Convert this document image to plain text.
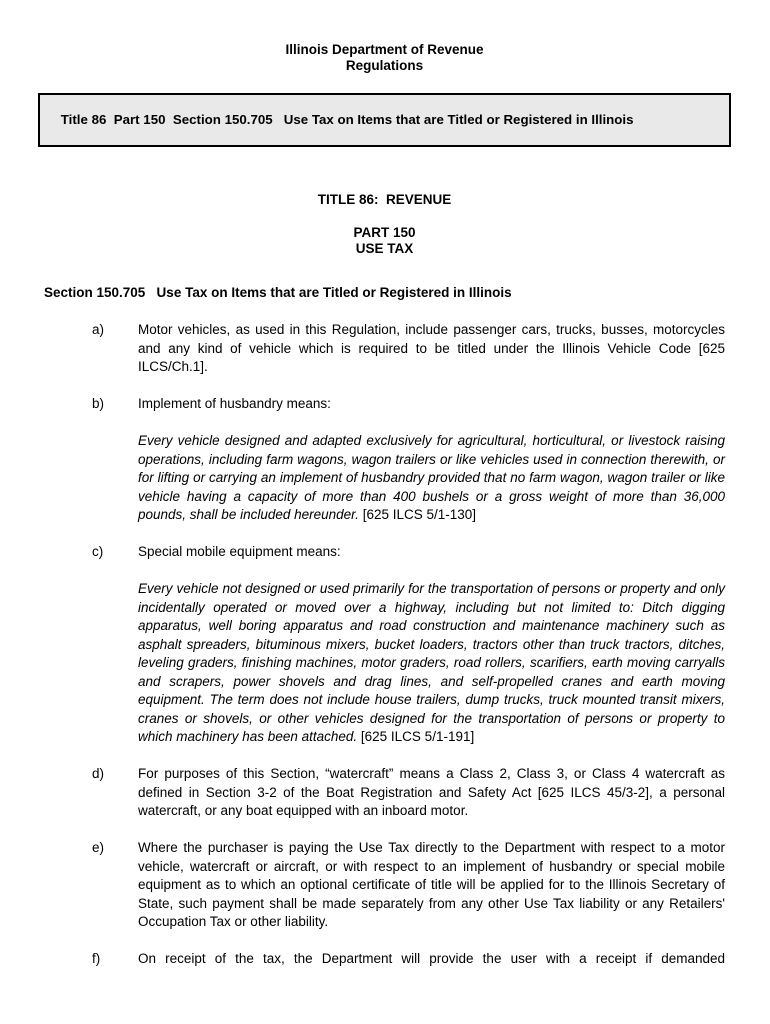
Illinois Department of Revenue
Regulations

Title 86  Part 150  Section 150.705   Use Tax on Items that are Titled or Registered in Illinois

TITLE 86:  REVENUE
PART 150
USE TAX
Section 150.705   Use Tax on Items that are Titled or Registered in Illinois
a)	Motor vehicles, as used in this Regulation, include passenger cars, trucks, busses, motorcycles and any kind of vehicle which is required to be titled under the Illinois Vehicle Code [625 ILCS/Ch.1].
b)	Implement of husbandry means:
Every vehicle designed and adapted exclusively for agricultural, horticultural, or livestock raising operations, including farm wagons, wagon trailers or like vehicles used in connection therewith, or for lifting or carrying an implement of husbandry provided that no farm wagon, wagon trailer or like vehicle having a capacity of more than 400 bushels or a gross weight of more than 36,000 pounds, shall be included hereunder. [625 ILCS 5/1-130]
c)	Special mobile equipment means:
Every vehicle not designed or used primarily for the transportation of persons or property and only incidentally operated or moved over a highway, including but not limited to: Ditch digging apparatus, well boring apparatus and road construction and maintenance machinery such as asphalt spreaders, bituminous mixers, bucket loaders, tractors other than truck tractors, ditches, leveling graders, finishing machines, motor graders, road rollers, scarifiers, earth moving carryalls and scrapers, power shovels and drag lines, and self-propelled cranes and earth moving equipment. The term does not include house trailers, dump trucks, truck mounted transit mixers, cranes or shovels, or other vehicles designed for the transportation of persons or property to which machinery has been attached. [625 ILCS 5/1-191]
d)	For purposes of this Section, “watercraft” means a Class 2, Class 3, or Class 4 watercraft as defined in Section 3-2 of the Boat Registration and Safety Act [625 ILCS 45/3-2], a personal watercraft, or any boat equipped with an inboard motor.
e)	Where the purchaser is paying the Use Tax directly to the Department with respect to a motor vehicle, watercraft or aircraft, or with respect to an implement of husbandry or special mobile equipment as to which an optional certificate of title will be applied for to the Illinois Secretary of State, such payment shall be made separately from any other Use Tax liability or any Retailers' Occupation Tax or other liability.
f)	On receipt of the tax, the Department will provide the user with a receipt if demanded
